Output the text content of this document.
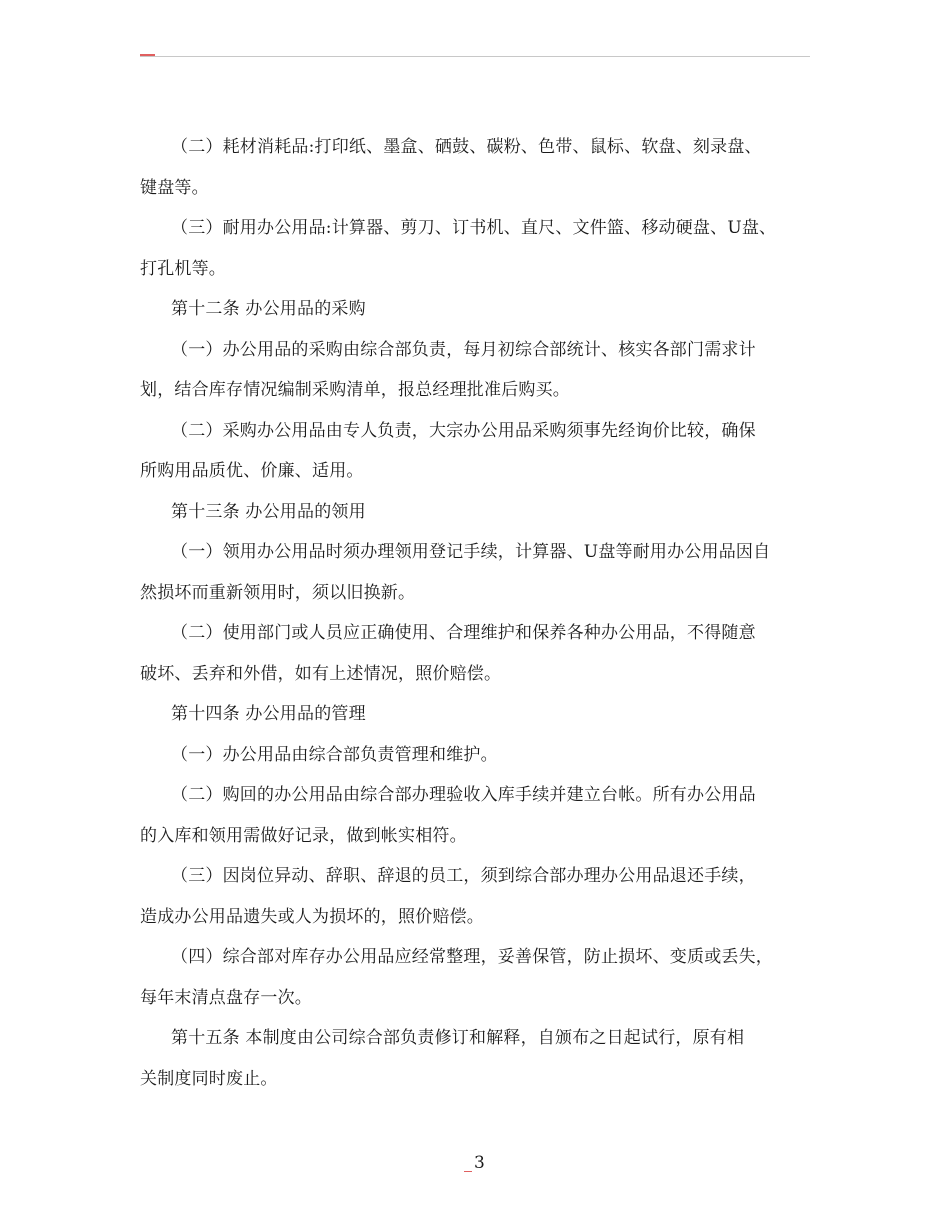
（二）耗材消耗品:打印纸、墨盒、硒鼓、碳粉、色带、鼠标、软盘、刻录盘、
键盘等。
（三）耐用办公用品:计算器、剪刀、订书机、直尺、文件篮、移动硬盘、U盘、
打孔机等。
第十二条 办公用品的采购
（一）办公用品的采购由综合部负责，每月初综合部统计、核实各部门需求计
划，结合库存情况编制采购清单，报总经理批准后购买。
（二）采购办公用品由专人负责，大宗办公用品采购须事先经询价比较，确保
所购用品质优、价廉、适用。
第十三条 办公用品的领用
（一）领用办公用品时须办理领用登记手续，计算器、U盘等耐用办公用品因自
然损坏而重新领用时，须以旧换新。
（二）使用部门或人员应正确使用、合理维护和保养各种办公用品，不得随意
破坏、丢弃和外借，如有上述情况，照价赔偿。
第十四条 办公用品的管理
（一）办公用品由综合部负责管理和维护。
（二）购回的办公用品由综合部办理验收入库手续并建立台帐。所有办公用品
的入库和领用需做好记录，做到帐实相符。
（三）因岗位异动、辞职、辞退的员工，须到综合部办理办公用品退还手续，
造成办公用品遗失或人为损坏的，照价赔偿。
（四）综合部对库存办公用品应经常整理，妥善保管，防止损坏、变质或丢失，
每年末清点盘存一次。
第十五条 本制度由公司综合部负责修订和解释，自颁布之日起试行，原有相
关制度同时废止。
3
